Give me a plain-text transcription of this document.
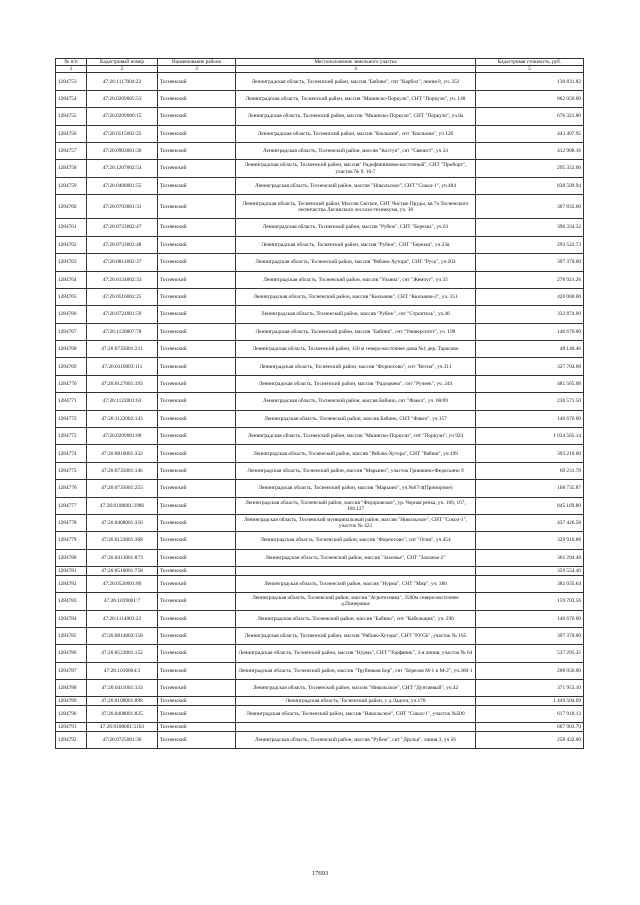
№ п/п	Кадастровый номер	Наименование района	Местоположение земельного участка	Кадастровая стоимость, руб.
1	2	3	4	5
1284753	47:26:1117004:22	Тосненский	Ленинградская область, Тосненский район, массив "Бабино", снт "Карбол", линия 8, уч. 352	130 831.82
1284754	47:26:0209005:53	Тосненский	Ленинградская область, Тосненский район, массив "Мшинско-Поркузи", СНТ "Поркузи", уч. 148	862 050.00
1284755	47:26:0209006:15	Тосненский	Ленинградская область, Тосненский район, массив "Мшинско-Поркузи", СНТ "Поркузи", уч.8а	676 321.80
1284756	47:26:0515002:25	Тосненский	Ленинградская область, Тосненский район, массив "Кюльмия", снт "Кюльмия", уч 126	443 497.95
1284757	47:26:0903001:36	Тосненский	Ленинградская область, Тосненский район, массив "Коступ", снт "Связист", уч 24	412 908.16
1284758	47:26:1207002:54	Тосненский	Ленинградская область, Тосненский район, массив" Радофинниково-восточный", СНТ "Приборт", участок № 9, 10-7	295 352.00
1284759	47:26:0408001:55	Тосненский	Ленинградская область, Тосненский район, массив "Никольское", СНТ "Сокол-1", уч.484	838 509.94
1284760	47:26:0703001:31	Тосненский	Ленинградская область, Тосненский район, Массив Сюткое, СНТ Чистые Пруды, кв.7ч Тосненского лесничества Лисинского лесхоза-техникума, уч. 38	367 835.60
1284761	47:26:0733002:47	Тосненский	Ленинградская область, Тосненский район, массив "Рубеж", СНТ "Березка", уч.63	396 334.32
1284762	47:26:0733002:48	Тосненский	Ленинградская область, Тосненский район, массив "Рубеж", СНТ "Березка", уч.33в	293 522.73
1284763	47:26:0814002:37	Тосненский	Ленинградская область, Тосненский район, массив "Рябово-Хутора", СНТ "Русь", уч.203	397 370.00
1284764	47:26:0134002:33	Тосненский	Ленинградская область, Тосненский район, массив "Ульяна", снт "Жемчуг", уч 33	278 921.26
1284765	47:26:0516002:25	Тосненский	Ленинградская область, Тосненский район, массив "Кюльмия", СНТ "Кюльмия-2", уч. 151	420 000.00
1284766	47:26:0724001:59	Тосненский	Ленинградская область, Тосненский район, массив "Рубеж", снт "Строитель", уч.46	332 874.00
1284767	47:26:1120007:78	Тосненский	Ленинградская область, Тосненский район, массив "Бабино", снт "Университет", уч. 198	146 676.00
1284768	47:26:0735001:221	Тосненский	Ленинградская область, Тосненский район, 150 м северо-восточнее дома №1 дер. Тарасово	48 140.46
1284769	47:26:0110003:111	Тосненский	Ленинградская область, Тосненский район, массив "Форносово", снт "Весна", уч.311	327 704.08
1284770	47:26:0127001:193	Тосненский	Ленинградская область, Тосненский район, массив "Радоцкево", снт "Ручеек", уч. 244	481 565.08
1284771	47:26:1122001:63	Тосненский	Ленинградская область, Тосненский район, массив Бабино, снт "Факел", уч. 68/69	230 571.50
1284772	47:26:1122002:143	Тосненский	Ленинградская область, Тосненский район, массив Бабино, СНТ "Факел", уч.157	146 676.00
1284773	47:26:0209001:68	Тосненский	Ленинградская область, Тосненский район, массив "Мшинско-Поркузи", снт "Поркузи", уч 924	1 034 565.14
1284774	47:26:0816001:332	Тосненский	Ленинградская область, Тосненский район, массив "Рябово-Хутора", СНТ "Рябиш", уч.199	393 210.00
1284775	47:26:0735001:146	Тосненский	Ленинградская область, Тосненский район, массив "Марьино", участок Гришкино-Федосьино 9	69 231.78
1284776	47:26:0735001:255	Тосненский	Ленинградская область, Тосненский район, массив "Марьино", уч.№67/4(Приморное)	168 735.87
1284777	47:26:0108001:2986	Тосненский	Ленинградская область, Тосненский район, массив "Федоровское", ур. Черная речка, уч. 166, 167, 168.127	845 169.80
1284778	47:26:0408001:356	Тосненский	Ленинградская область, Тосненский муниципальный район, массив "Никольское", СНТ "Сокол-1", участок № 423	437 426.58
1284779	47:26:0123001:368	Тосненский	Ленинградская область, Тосненский район, массив "Форносово", снт "Огни", уч.454	329 916.88
1284780	47:26:0413001:873	Тосненский	Ленинградская область, Тосненский район, массив "Захожье", СНТ "Захожье-2"	361 294.48
1284781	47:26:0510001:758	Тосненский		359 554.40
1284782	47:26:0520001:86	Тосненский	Ленинградская область, Тосненский район, массив "Нурма", СНТ "Мир", уч. 380	382 035.64
1284783	47:26:1039001:7	Тосненский	Ленинградская область, Тосненский район, массив "Агротехника", 3500м северо-восточнее д.Померанье	159 703.56
1284784	47:26:1114003:22	Тосненский	Ленинградская область, Тосненский район, массив "Бабино", снт "Кабельщик", уч. 290	146 676.00
1284785	47:26:0814002:158	Тосненский	Ленинградская область, Тосненский район, массив "Рябово-Хутора", СНТ "РУСЬ", участок № 165	397 370.00
1284786	47:26:0523001:152	Тосненский	Ленинградская область, Тосненский район, массив "Нурма", СНТ "Торфяник", 3-я линия, участок № 64	537 295.35
1284787	47:26:1016004:3	Тосненский	Ленинградская область, Тосненский район, массив "Трубников Бор", снт "Березов М-1 и М-2", уч.360-1	208 056.00
1284788	47:26:0411001:133	Тосненский	Ленинградская область, Тосненский район, массив "Никольское", СНТ "Дунтаевый", уч.42	371 953.10
1284789	47:26:0108001:898	Тосненский	Ленинградская область, Тосненский район, у д.Ладога, уч.178	1 449 504.69
1284790	47:26:0408001:835	Тосненский	Ленинградская область, Тосненский район, массив "Никольское", СНТ "Сокол-1", участок №500	617 918.13
1284791	47:26:0108001:5163	Тосненский		667 903.70
1284792	47:26:0725001:36	Тосненский	Ленинградская область, Тосненский район, массив "Рубеж", снт "Друзья", линия 3, уч 56	258 432.00
17693
